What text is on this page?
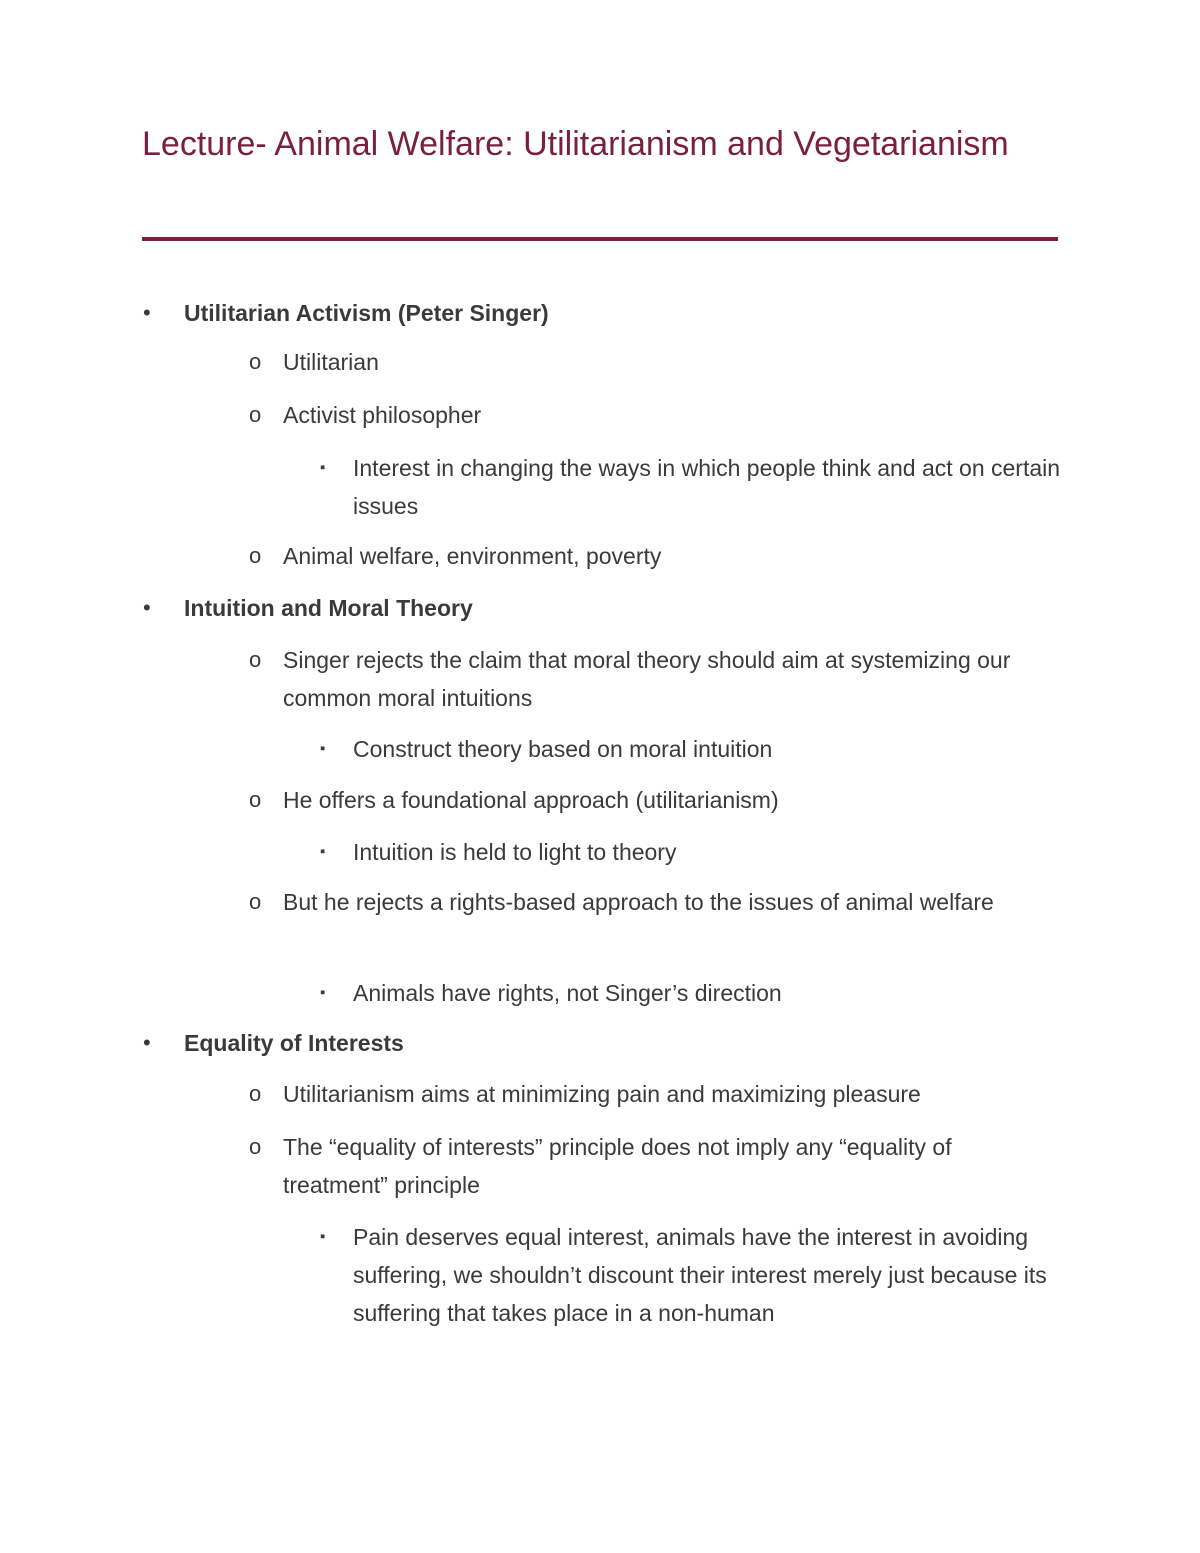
Lecture- Animal Welfare: Utilitarianism and Vegetarianism
• Utilitarian Activism (Peter Singer)
o Utilitarian
o Activist philosopher
▪ Interest in changing the ways in which people think and act on certain issues
o Animal welfare, environment, poverty
• Intuition and Moral Theory
o Singer rejects the claim that moral theory should aim at systemizing our common moral intuitions
▪ Construct theory based on moral intuition
o He offers a foundational approach (utilitarianism)
▪ Intuition is held to light to theory
o But he rejects a rights-based approach to the issues of animal welfare
▪ Animals have rights, not Singer’s direction
• Equality of Interests
o Utilitarianism aims at minimizing pain and maximizing pleasure
o The “equality of interests” principle does not imply any “equality of treatment” principle
▪ Pain deserves equal interest, animals have the interest in avoiding suffering, we shouldn’t discount their interest merely just because its suffering that takes place in a non-human
